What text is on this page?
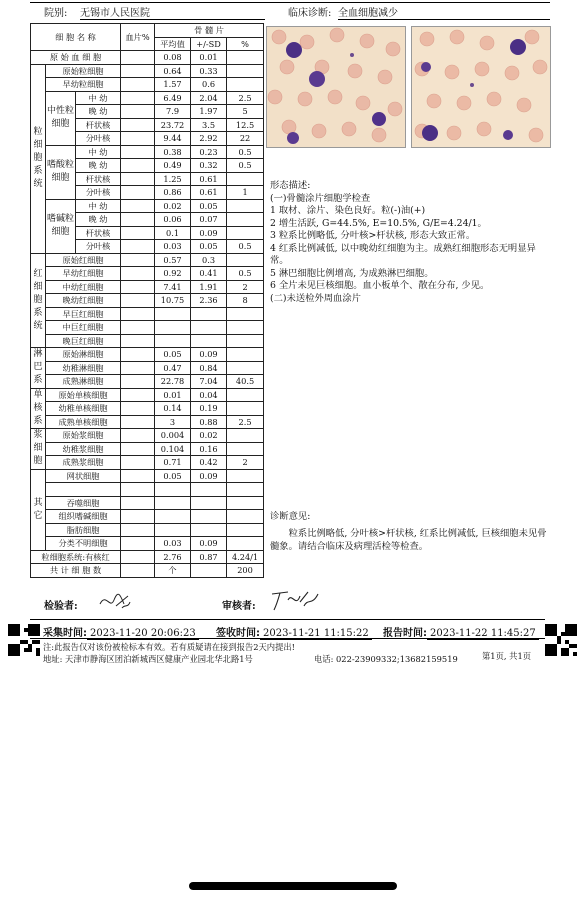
院别: 无锡市人民医院	临床诊断: 全血细胞减少
细 胞 名 称			血片%	骨 髓 片		
				平均值	+/-SD	%
原 始 血 细 胞				0.08	0.01	
粒细胞系统	原始粒细胞			0.64	0.33	
	早幼粒细胞			1.57	0.6	
	中性粒细胞	中 幼		6.49	2.04	2.5
		晚 幼		7.9	1.97	5
		杆状核		23.72	3.5	12.5
		分叶核		9.44	2.92	22
	嗜酸粒细胞	中 幼		0.38	0.23	0.5
		晚 幼		0.49	0.32	0.5
		杆状核		1.25	0.61	
		分叶核		0.86	0.61	1
	嗜碱粒细胞	中 幼		0.02	0.05	
		晚 幼		0.06	0.07	
		杆状核		0.1	0.09	
		分叶核		0.03	0.05	0.5
红细胞系统	原始红细胞			0.57	0.3	
	早幼红细胞			0.92	0.41	0.5
	中幼红细胞			7.41	1.91	2
	晚幼红细胞			10.75	2.36	8
	早巨红细胞					
	中巨红细胞					
	晚巨红细胞					
淋巴系	原始淋细胞			0.05	0.09	
	幼稚淋细胞			0.47	0.84	
	成熟淋细胞			22.78	7.04	40.5
单核系	原始单核细胞			0.01	0.04	
	幼稚单核细胞			0.14	0.19	
	成熟单核细胞			3	0.88	2.5
浆细胞	原始浆细胞			0.004	0.02	
	幼稚浆细胞			0.104	0.16	
	成熟浆细胞			0.71	0.42	2
其它	网状细胞			0.05	0.09	

	吞噬细胞					
	组织嗜碱细胞					
	脂肪细胞					
	分类不明细胞			0.03	0.09	
粒细胞系统:有核红				2.76	0.87	4.24/1
共 计 细 胞 数				个		200

形态描述:

(一)骨髓涂片细胞学检查

1 取材、涂片、染色良好。粒(-)油(+)

2 增生活跃, G=44.5%, E=10.5%, G/E=4.24/1。

3 粒系比例略低, 分叶核>杆状核, 形态大致正常。

4 红系比例减低, 以中晚幼红细胞为主。成熟红细胞形态无明显异常。

5 淋巴细胞比例增高, 为成熟淋巴细胞。

6 全片未见巨核细胞。血小板单个、散在分布, 少见。

(二)未送检外周血涂片

诊断意见:

粒系比例略低, 分叶核>杆状核, 红系比例减低, 巨核细胞未见骨髓象。请结合临床及病理活检等检查。

检验者:	审核者:
采集时间: 2023-11-20 20:06:23	签收时间: 2023-11-21 11:15:22	报告时间: 2023-11-22 11:45:27
注:此报告仅对该份被检标本有效。若有质疑请在接到报告2天内提出!
地址: 天津市静海区团泊新城西区健康产业园北华北路1号	电话: 022-23909332;13682159519	第1页, 共1页
